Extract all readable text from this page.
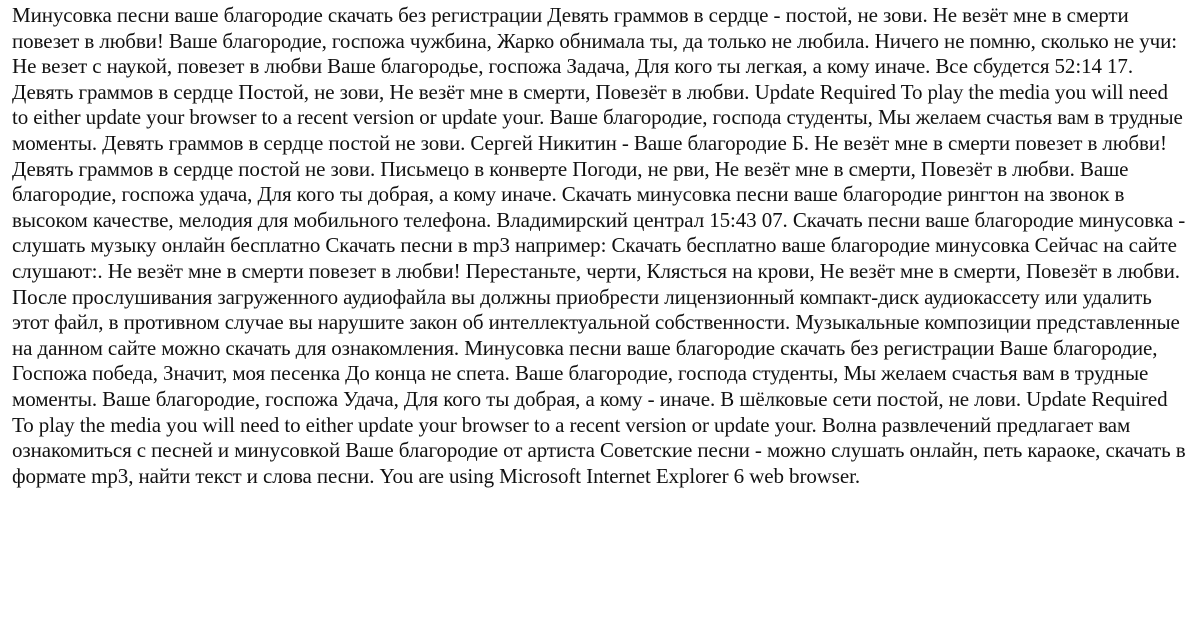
Минусовка песни ваше благородие скачать без регистрации Девять граммов в сердце - постой, не зови. Не везёт мне в смерти повезет в любви! Ваше благородие, госпожа чужбина, Жарко обнимала ты, да только не любила. Ничего не помню, сколько не учи: Не везет с наукой, повезет в любви Ваше благородье, госпожа Задача, Для кого ты легкая, а кому иначе. Все сбудется 52:14 17. Девять граммов в сердце Постой, не зови, Не везёт мне в смерти, Повезёт в любви. Update Required To play the media you will need to either update your browser to a recent version or update your. Ваше благородие, господа студенты, Мы желаем счастья вам в трудные моменты. Девять граммов в сердце постой не зови. Сергей Никитин - Ваше благородие Б. Не везёт мне в смерти повезет в любви! Девять граммов в сердце постой не зови. Письмецо в конверте Погоди, не рви, Не везёт мне в смерти, Повезёт в любви. Ваше благородие, госпожа удача, Для кого ты добрая, а кому иначе. Скачать минусовка песни ваше благородие рингтон на звонок в высоком качестве, мелодия для мобильного телефона. Владимирский централ 15:43 07. Скачать песни ваше благородие минусовка - слушать музыку онлайн бесплатно Скачать песни в mp3 например: Скачать бесплатно ваше благородие минусовка Сейчас на сайте слушают:. Не везёт мне в смерти повезет в любви! Перестаньте, черти, Клясться на крови, Не везёт мне в смерти, Повезёт в любви. После прослушивания загруженного аудиофайла вы должны приобрести лицензионный компакт-диск аудиокассету или удалить этот файл, в противном случае вы нарушите закон об интеллектуальной собственности. Музыкальные композиции представленные на данном сайте можно скачать для ознакомления. Минусовка песни ваше благородие скачать без регистрации Ваше благородие, Госпожа победа, Значит, моя песенка До конца не спета. Ваше благородие, господа студенты, Мы желаем счастья вам в трудные моменты. Ваше благородие, госпожа Удача, Для кого ты добрая, а кому - иначе. В шёлковые сети постой, не лови. Update Required To play the media you will need to either update your browser to a recent version or update your. Волна развлечений предлагает вам ознакомиться с песней и минусовкой Ваше благородие от артиста Советские песни - можно слушать онлайн, петь караоке, скачать в формате mp3, найти текст и слова песни. You are using Microsoft Internet Explorer 6 web browser.
